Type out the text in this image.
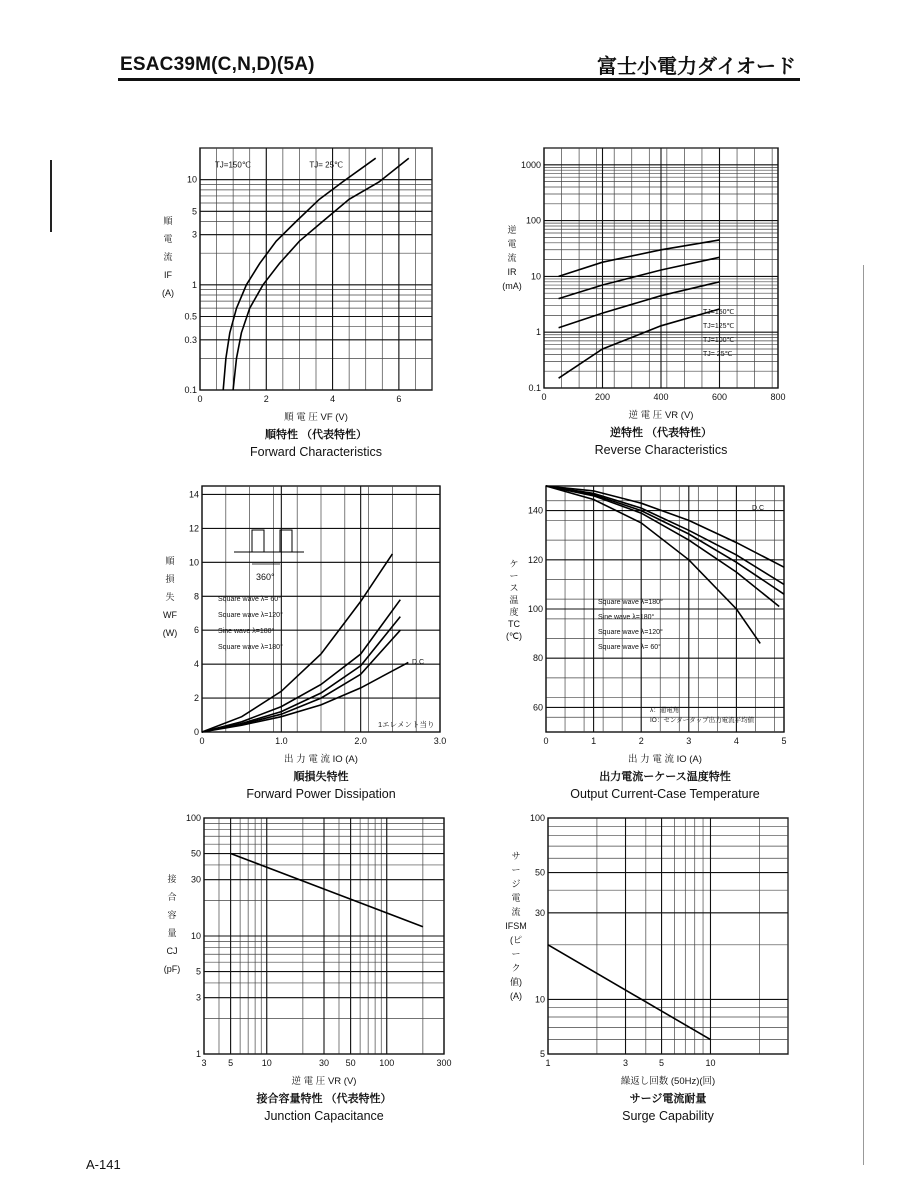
ESAC39M(C,N,D)(5A)	富士小電力ダイオード
0	2	4	6
0.1
0.3
0.5
1
3
5
10
TJ=150℃	TJ= 25℃
順
電
流
IF
(A)
順 電 圧 VF (V)
順特性 （代表特性）
Forward Characteristics
0	200	400	600	800
0.1
1
10
100
1000
TJ=150℃
TJ=125℃
TJ=100℃
TJ= 25℃
逆
電
流
IR
(mA)
逆 電 圧 VR (V)
逆特性 （代表特性）
Reverse Characteristics
0	1.0	2.0	3.0
0
2
4
6
8
10
12
14
1エレメント当り
360°
Square wave λ= 60°
Square wave λ=120°
Sine wave λ=180°
Square wave λ=180°
D.C
順
損
失
WF
(W)
出 力 電 流 IO (A)
順損失特性
Forward Power Dissipation
0	1	2	3	4	5
60
80
100
120
140
Square wave λ=180°
Sine wave λ=180°
Square wave λ=120°
Square wave λ= 60°
D.C
λ：通電角
IO：センタータップ出力電流平均値
ケ
ー
ス
温
度
TC
(℃)
出 力 電 流 IO (A)
出力電流ーケース温度特性
Output Current-Case Temperature
3 5	10	30 50	100	300
1
3
5
10
30
50
100
接
合
容
量
CJ
(pF)
逆 電 圧 VR (V)
接合容量特性 （代表特性）
Junction Capacitance
1	3	5	10
5
10
30
50
100
サ
ー
ジ
電
流
IFSM
(ピ
ー
ク
値)
(A)
繰返し回数 (50Hz)(回)
サージ電流耐量
Surge Capability
A-141
